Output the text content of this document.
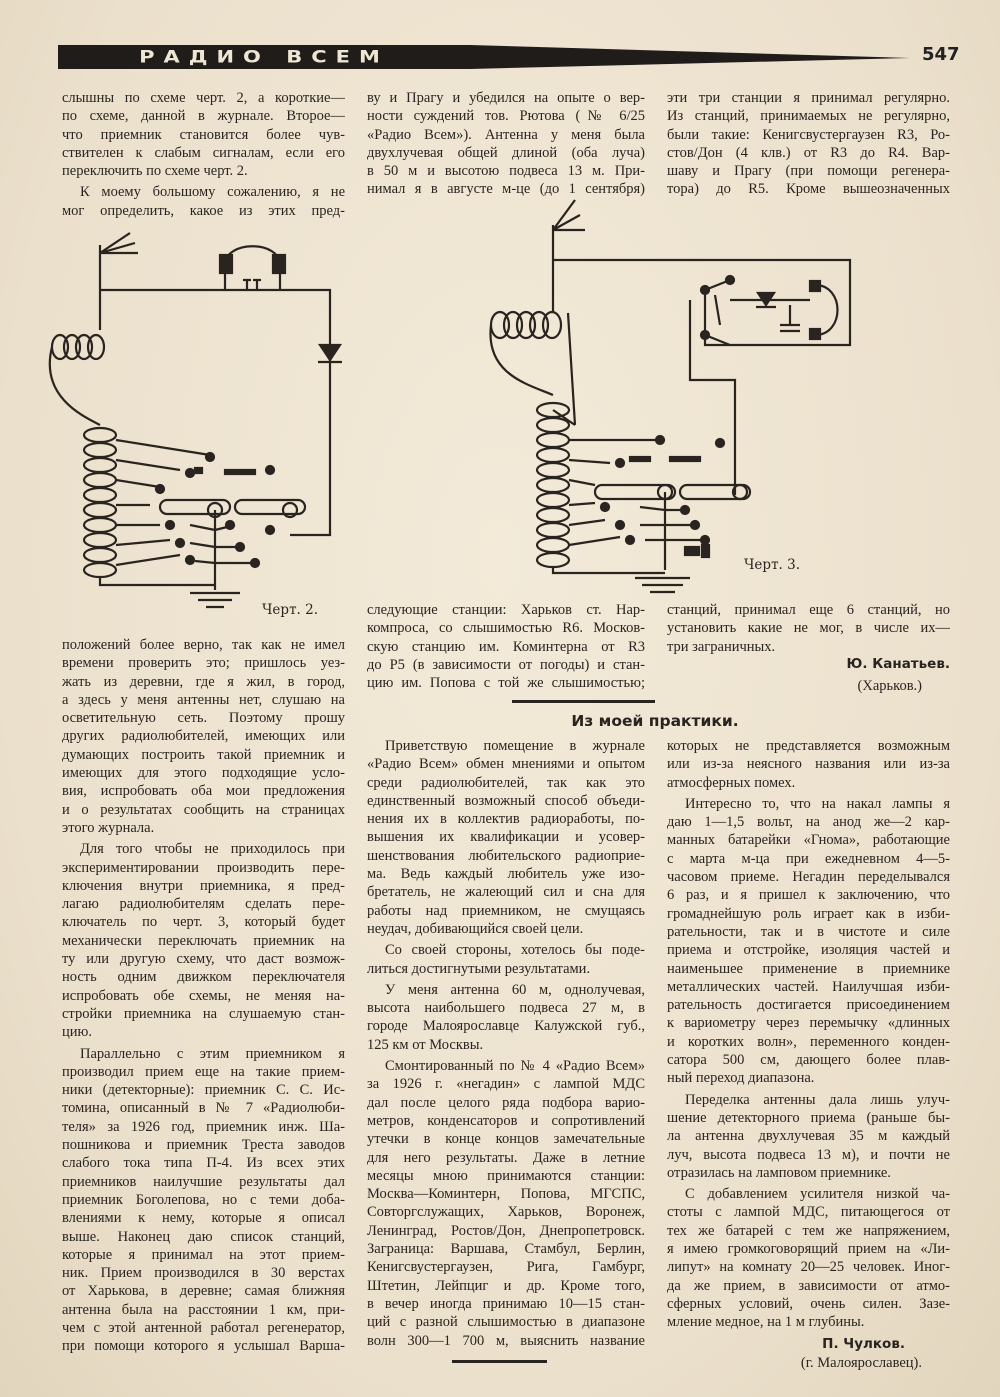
РАДИО ВСЕМ	547
слышны по схеме черт. 2, а короткие—
по схеме, данной в журнале. Второе—
что приемник становится более чув-
ствителен к слабым сигналам, если его
переключить по схеме черт. 2.
К моему большому сожалению, я не
мог определить, какое из этих пред-
ву и Прагу и убедился на опыте о вер-
ности суждений тов. Рютова (№ 6/25
«Радио Всем»). Антенна у меня была
двухлучевая общей длиной (оба луча)
в 50 м и высотою подвеса 13 м. При-
нимал я в августе м-це (до 1 сентября)
эти три станции я принимал регулярно.
Из станций, принимаемых не регулярно,
были такие: Кенигсвустергаузен R3, Ро-
стов/Дон (4 клв.) от R3 до R4. Вар-
шаву и Прагу (при помощи регенера-
тора) до R5. Кроме вышеозначенных
Черт. 2.
Черт. 3.
положений более верно, так как не имел
времени проверить это; пришлось уез-
жать из деревни, где я жил, в город,
а здесь у меня антенны нет, слушаю на
осветительную сеть. Поэтому прошу
других радиолюбителей, имеющих или
думающих построить такой приемник и
имеющих для этого подходящие усло-
вия, испробовать оба мои предложения
и о результатах сообщить на страницах
этого журнала.
Для того чтобы не приходилось при
экспериментировании производить пере-
ключения внутри приемника, я пред-
лагаю радиолюбителям сделать пере-
ключатель по черт. 3, который будет
механически переключать приемник на
ту или другую схему, что даст возмож-
ность одним движком переключателя
испробовать обе схемы, не меняя на-
стройки приемника на слушаемую стан-
цию.
Параллельно с этим приемником я
производил прием еще на такие прием-
ники (детекторные): приемник С. С. Ис-
томина, описанный в № 7 «Радиолюби-
теля» за 1926 год, приемник инж. Ша-
пошникова и приемник Треста заводов
слабого тока типа П-4. Из всех этих
приемников наилучшие результаты дал
приемник Боголепова, но с теми доба-
влениями к нему, которые я описал
выше. Наконец даю список станций,
которые я принимал на этот прием-
ник. Прием производился в 30 верстах
от Харькова, в деревне; самая ближняя
антенна была на расстоянии 1 км, при-
чем с этой антенной работал регенератор,
при помощи которого я услышал Варша-
следующие станции: Харьков ст. Нар-
компроса, со слышимостью R6. Москов-
скую станцию им. Коминтерна от R3
до P5 (в зависимости от погоды) и стан-
цию им. Попова с той же слышимостью;
станций, принимал еще 6 станций, но
установить какие не мог, в числе их—
три заграничных.
Ю. Канатьев.
(Харьков.)
Из моей практики.
Приветствую помещение в журнале
«Радио Всем» обмен мнениями и опытом
среди радиолюбителей, так как это
единственный возможный способ объеди-
нения их в коллектив радиоработы, по-
вышения их квалификации и усовер-
шенствования любительского радиоприе-
ма. Ведь каждый любитель уже изо-
бретатель, не жалеющий сил и сна для
работы над приемником, не смущаясь
неудач, добивающийся своей цели.
Со своей стороны, хотелось бы поде-
литься достигнутыми результатами.
У меня антенна 60 м, однолучевая,
высота наибольшего подвеса 27 м, в
городе Малоярославце Калужской губ.,
125 км от Москвы.
Смонтированный по № 4 «Радио Всем»
за 1926 г. «негадин» с лампой МДС
дал после целого ряда подбора варио-
метров, конденсаторов и сопротивлений
утечки в конце концов замечательные
для него результаты. Даже в летние
месяцы мною принимаются станции:
Москва—Коминтерн, Попова, МГСПС,
Совторгслужащих, Харьков, Воронеж,
Ленинград, Ростов/Дон, Днепропетровск.
Заграница: Варшава, Стамбул, Берлин,
Кенигсвустергаузен, Рига, Гамбург,
Штетин, Лейпциг и др. Кроме того,
в вечер иногда принимаю 10—15 стан-
ций с разной слышимостью в диапазоне
волн 300—1 700 м, выяснить название
которых не представляется возможным
или из-за неясного названия или из-за
атмосферных помех.
Интересно то, что на накал лампы я
даю 1—1,5 вольт, на анод же—2 кар-
манных батарейки «Гнома», работающие
с марта м-ца при ежедневном 4—5-
часовом приеме. Негадин переделывался
6 раз, и я пришел к заключению, что
громаднейшую роль играет как в изби-
рательности, так и в чистоте и силе
приема и отстройке, изоляция частей и
наименьшее применение в приемнике
металлических частей. Наилучшая изби-
рательность достигается присоединением
к вариометру через перемычку «длинных
и коротких волн», переменного конден-
сатора 500 см, дающего более плав-
ный переход диапазона.
Переделка антенны дала лишь улуч-
шение детекторного приема (раньше бы-
ла антенна двухлучевая 35 м каждый
луч, высота подвеса 13 м), и почти не
отразилась на ламповом приемнике.
С добавлением усилителя низкой ча-
стоты с лампой МДС, питающегося от
тех же батарей с тем же напряжением,
я имею громкоговорящий прием на «Ли-
липут» на комнату 20—25 человек. Иног-
да же прием, в зависимости от атмо-
сферных условий, очень силен. Зазе-
мление медное, на 1 м глубины.
П. Чулков.
(г. Малоярославец).
